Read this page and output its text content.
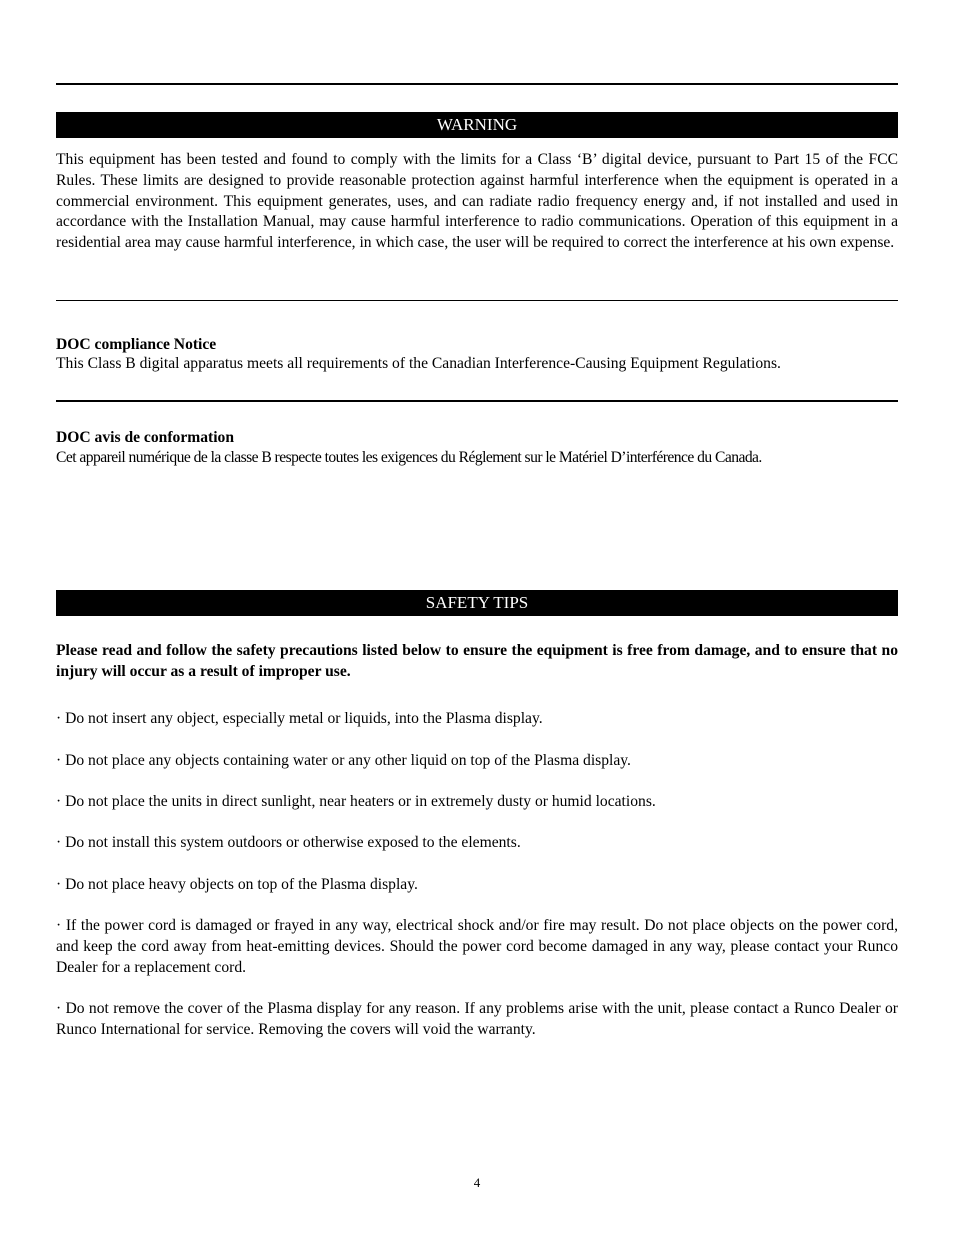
WARNING
This equipment has been tested and found to comply with the limits for a Class ‘B’ digital device, pursuant to Part 15 of the FCC Rules. These limits are designed to provide reasonable protection against harmful interference when the equipment is operated in a commercial environment. This equipment generates, uses, and can radiate radio frequency energy and, if not installed and used in accordance with the Installation Manual, may cause harmful interference to radio communications. Operation of this equipment in a residential area may cause harmful interference, in which case, the user will be required to correct the interference at his own expense.
DOC compliance Notice
This Class B digital apparatus meets all requirements of the Canadian Interference-Causing Equipment Regulations.
DOC avis de conformation
Cet appareil numérique de la classe B respecte toutes les exigences du Réglement sur le Matériel D’interférence du Canada.
SAFETY TIPS
Please read and follow the safety precautions listed below to ensure the equipment is free from damage, and to ensure that no injury will occur as a result of improper use.
· Do not insert any object, especially metal or liquids, into the Plasma display.
· Do not place any objects containing water or any other liquid on top of the Plasma display.
· Do not place the units in direct sunlight, near heaters or in extremely dusty or humid locations.
· Do not install this system outdoors or otherwise exposed to the elements.
· Do not place heavy objects on top of the Plasma display.
· If the power cord is damaged or frayed in any way, electrical shock and/or fire may result. Do not place objects on the power cord, and keep the cord away from heat-emitting devices. Should the power cord become damaged in any way, please contact your Runco Dealer for a replacement cord.
· Do not remove the cover of the Plasma display for any reason. If any problems arise with the unit, please contact a Runco Dealer or Runco International for service. Removing the covers will void the warranty.
4
